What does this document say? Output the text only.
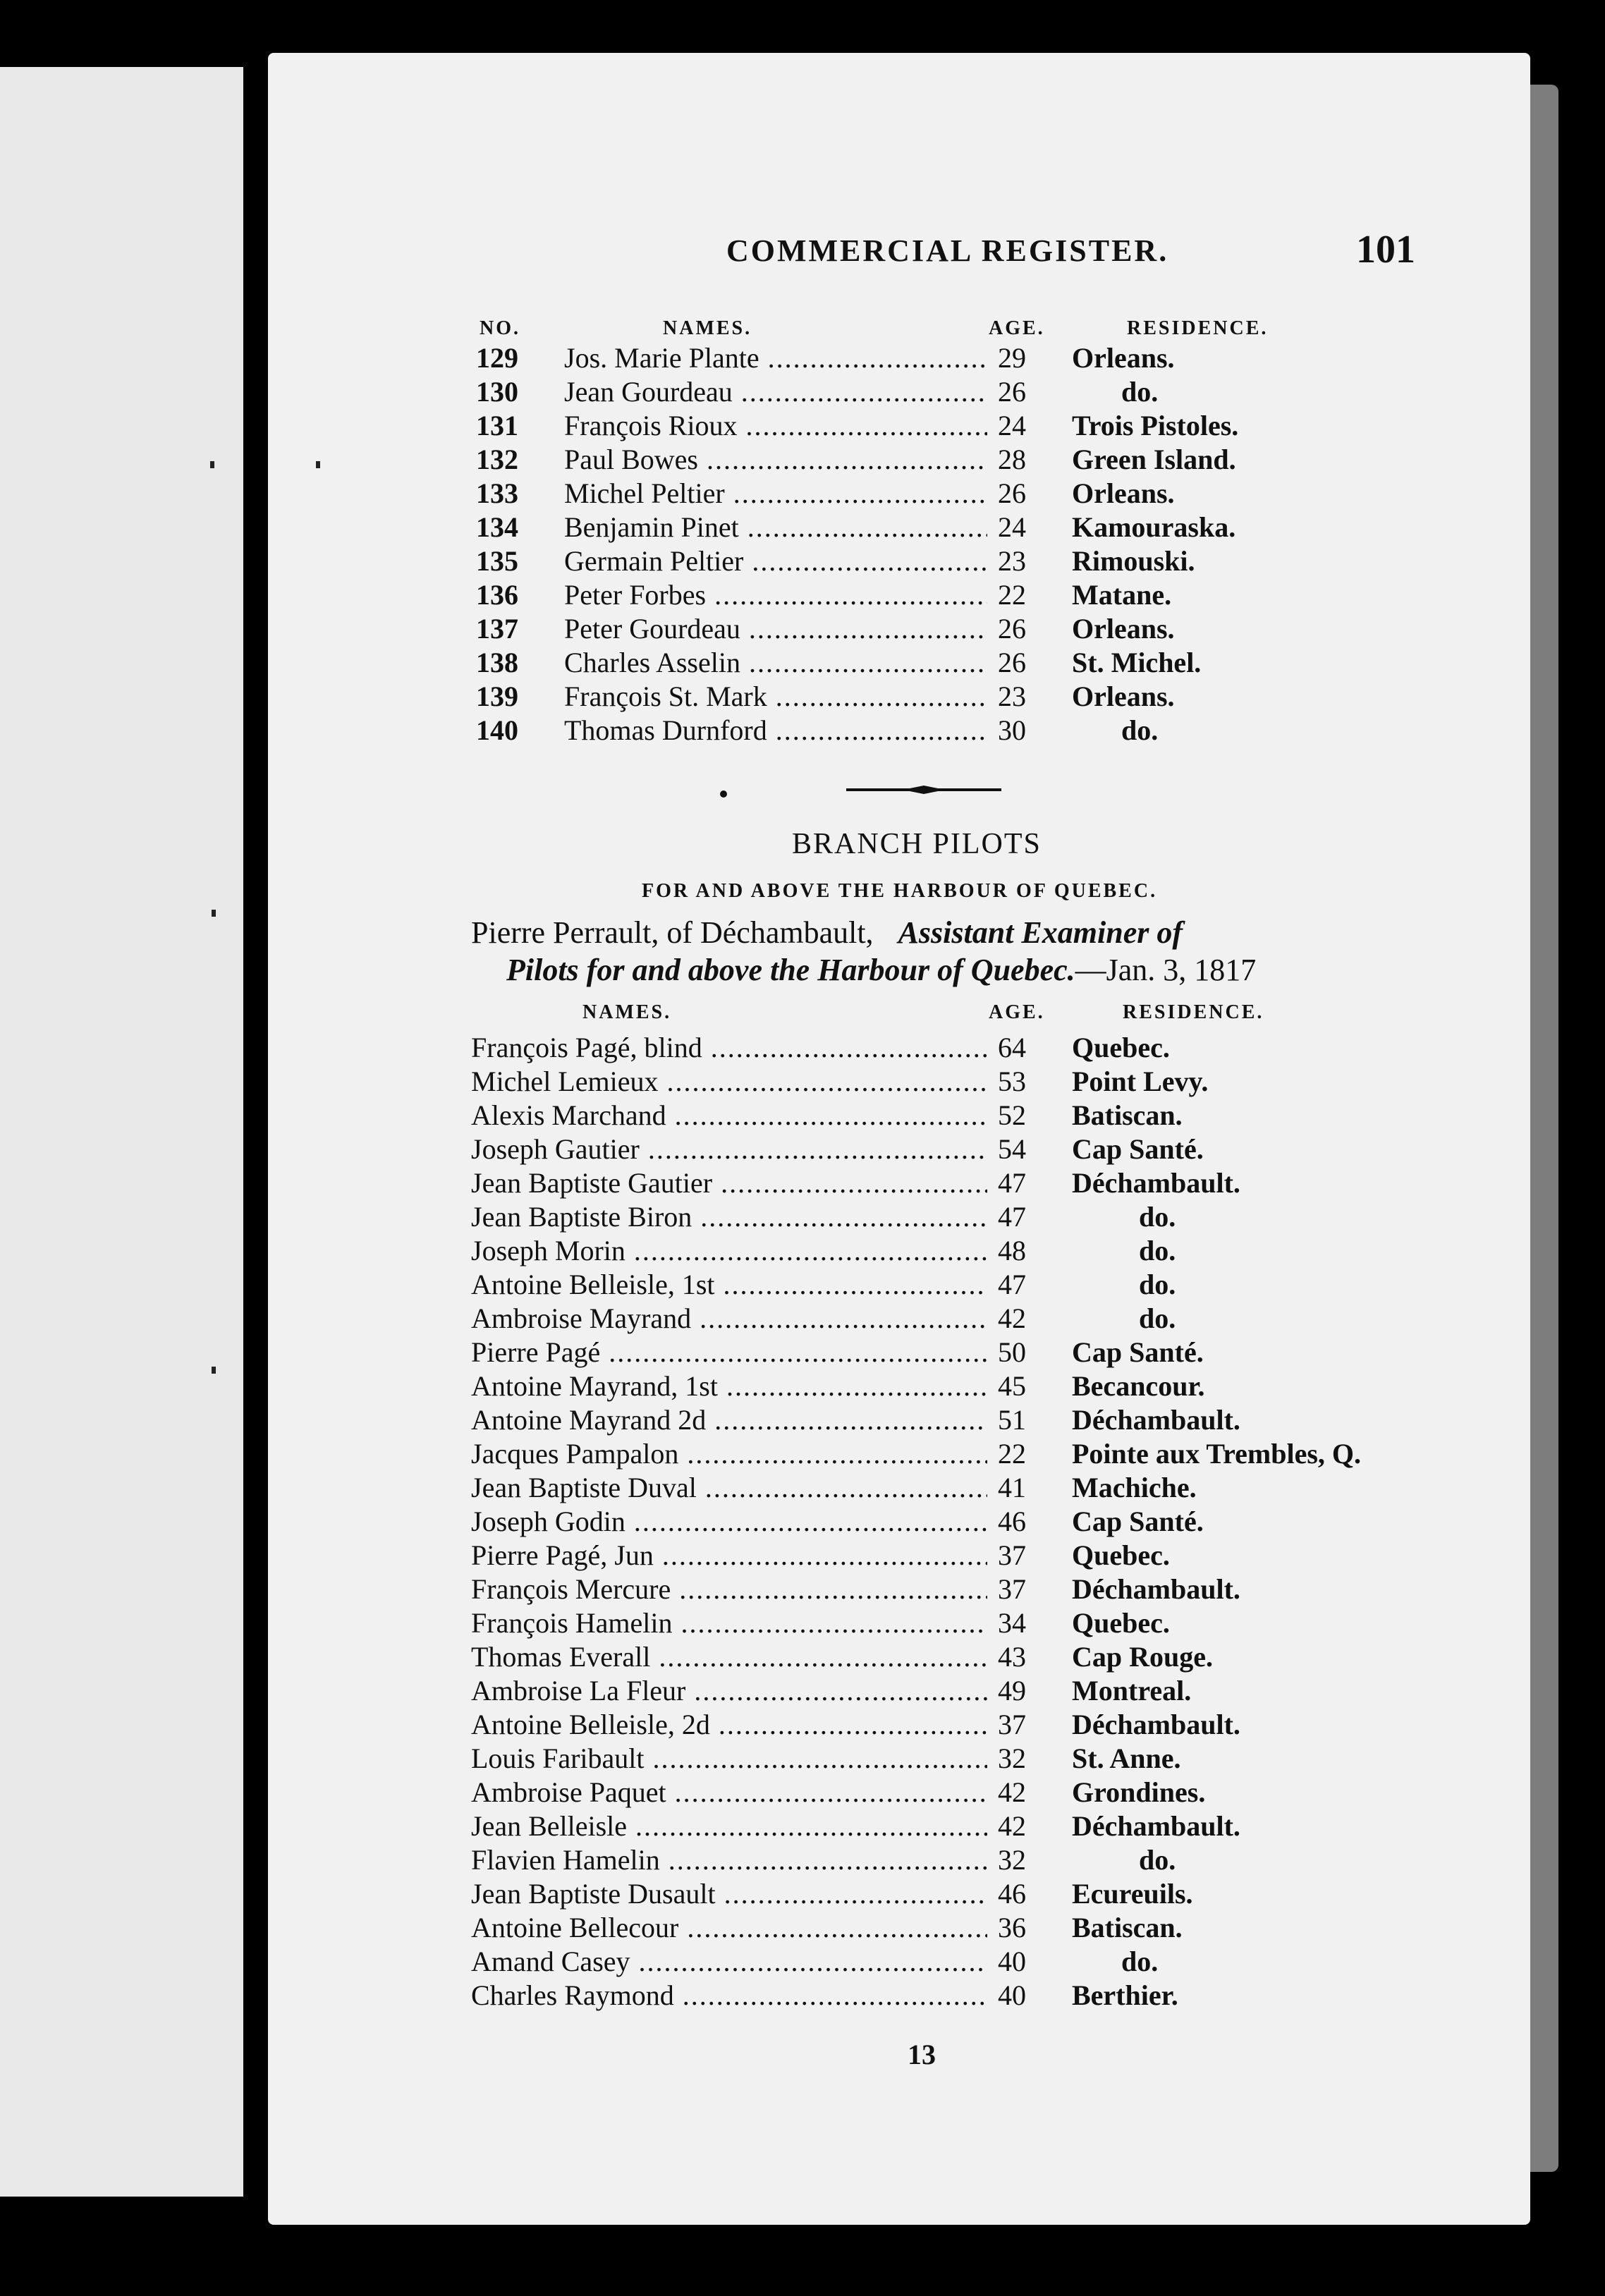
COMMERCIAL REGISTER.	101
NO.	NAMES.	AGE.	RESIDENCE.
129	Jos. Marie Plante .....	29	Orleans.
130	Jean Gourdeau .....	26	do.
131	François Rioux .....	24	Trois Pistoles.
132	Paul Bowes .....	28	Green Island.
133	Michel Peltier .....	26	Orleans.
134	Benjamin Pinet .....	24	Kamouraska.
135	Germain Peltier .....	23	Rimouski.
136	Peter Forbes .....	22	Matane.
137	Peter Gourdeau .....	26	Orleans.
138	Charles Asselin .....	26	St. Michel.
139	François St. Mark .....	23	Orleans.
140	Thomas Durnford .....	30	do.
BRANCH PILOTS
FOR AND ABOVE THE HARBOUR OF QUEBEC.
Pierre Perrault, of Déchambault, Assistant Examiner of
Pilots for and above the Harbour of Quebec.—Jan. 3, 1817
NAMES.	AGE.	RESIDENCE.
François Pagé, blind .....	64	Quebec.
Michel Lemieux .....	53	Point Levy.
Alexis Marchand .....	52	Batiscan.
Joseph Gautier .....	54	Cap Santé.
Jean Baptiste Gautier .....	47	Déchambault.
Jean Baptiste Biron .....	47	do.
Joseph Morin .....	48	do.
Antoine Belleisle, 1st .....	47	do.
Ambroise Mayrand .....	42	do.
Pierre Pagé .....	50	Cap Santé.
Antoine Mayrand, 1st .....	45	Becancour.
Antoine Mayrand 2d .....	51	Déchambault.
Jacques Pampalon .....	22	Pointe aux Trembles, Q.
Jean Baptiste Duval .....	41	Machiche.
Joseph Godin .....	46	Cap Santé.
Pierre Pagé, Jun .....	37	Quebec.
François Mercure .....	37	Déchambault.
François Hamelin .....	34	Quebec.
Thomas Everall .....	43	Cap Rouge.
Ambroise La Fleur .....	49	Montreal.
Antoine Belleisle, 2d .....	37	Déchambault.
Louis Faribault .....	32	St. Anne.
Ambroise Paquet .....	42	Grondines.
Jean Belleisle .....	42	Déchambault.
Flavien Hamelin .....	32	do.
Jean Baptiste Dusault .....	46	Ecureuils.
Antoine Bellecour .....	36	Batiscan.
Amand Casey .....	40	do.
Charles Raymond .....	40	Berthier.
13
